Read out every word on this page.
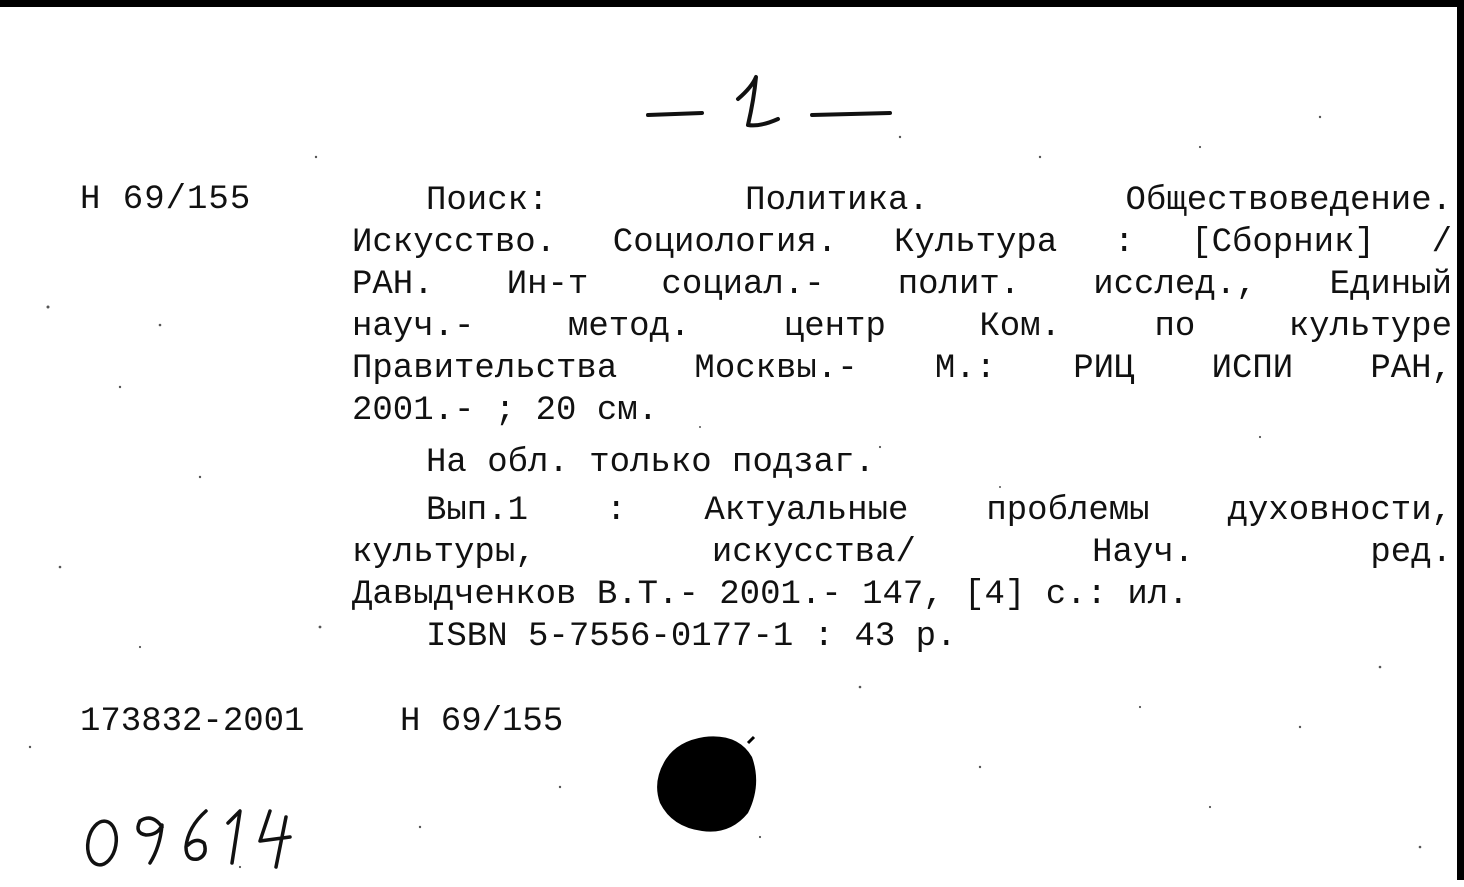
Н 69/155	Поиск: Политика. Обществоведение.
Искусство. Социология. Культура : [Сборник] /
РАН. Ин-т социал.- полит. исслед., Единый
науч.- метод. центр Ком. по культуре
Правительства Москвы.- М.: РИЦ ИСПИ РАН,
2001.- ; 20 см.
На обл. только подзаг.
Вып.1 : Актуальные проблемы духовности,
культуры, искусства/ Науч. ред.
Давыдченков В.Т.- 2001.- 147, [4] с.: ил.
ISBN 5-7556-0177-1 : 43 р.
173832-2001	Н 69/155
